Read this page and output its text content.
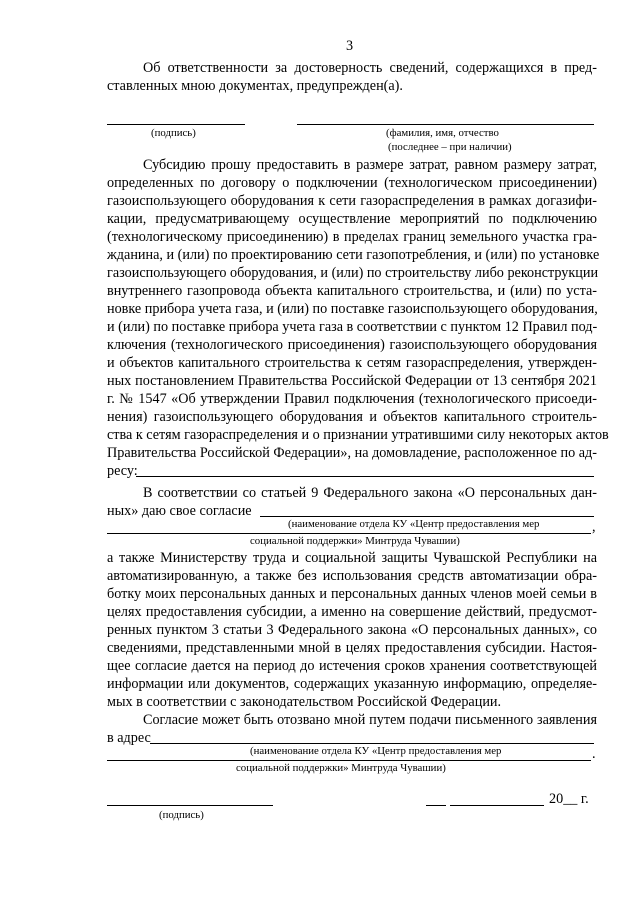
3
Об ответственности за достоверность сведений, содержащихся в пред-
ставленных мною документах, предупрежден(а).
(подпись)	(фамилия, имя, отчество
(последнее – при наличии)
Субсидию прошу предоставить в размере затрат, равном размеру затрат,
определенных по договору о подключении (технологическом присоединении)
газоиспользующего оборудования к сети газораспределения в рамках догазифи-
кации, предусматривающему осуществление мероприятий по подключению
(технологическому присоединению) в пределах границ земельного участка гра-
жданина, и (или) по проектированию сети газопотребления, и (или) по установке
газоиспользующего оборудования, и (или) по строительству либо реконструкции
внутреннего газопровода объекта капитального строительства, и (или) по уста-
новке прибора учета газа, и (или) по поставке газоиспользующего оборудования,
и (или) по поставке прибора учета газа в соответствии с пунктом 12 Правил под-
ключения (технологического присоединения) газоиспользующего оборудования
и объектов капитального строительства к сетям газораспределения, утвержден-
ных постановлением Правительства Российской Федерации от 13 сентября 2021
г. № 1547 «Об утверждении Правил подключения (технологического присоеди-
нения) газоиспользующего оборудования и объектов капитального строитель-
ства к сетям газораспределения и о признании утратившими силу некоторых актов
Правительства Российской Федерации», на домовладение, расположенное по ад-
ресу:
В соответствии со статьей 9 Федерального закона «О персональных дан-
ных» даю свое согласие
(наименование отдела КУ «Центр предоставления мер	,
социальной поддержки» Минтруда Чувашии)
а также Министерству труда и социальной защиты Чувашской Республики на
автоматизированную, а также без использования средств автоматизации обра-
ботку моих персональных данных и персональных данных членов моей семьи в
целях предоставления субсидии, а именно на совершение действий, предусмот-
ренных пунктом 3 статьи 3 Федерального закона «О персональных данных», со
сведениями, представленными мной в целях предоставления субсидии. Настоя-
щее согласие дается на период до истечения сроков хранения соответствующей
информации или документов, содержащих указанную информацию, определяе-
мых в соответствии с законодательством Российской Федерации.
Согласие может быть отозвано мной путем подачи письменного заявления
в адрес
(наименование отдела КУ «Центр предоставления мер	.
социальной поддержки» Минтруда Чувашии)
20__ г.
(подпись)
